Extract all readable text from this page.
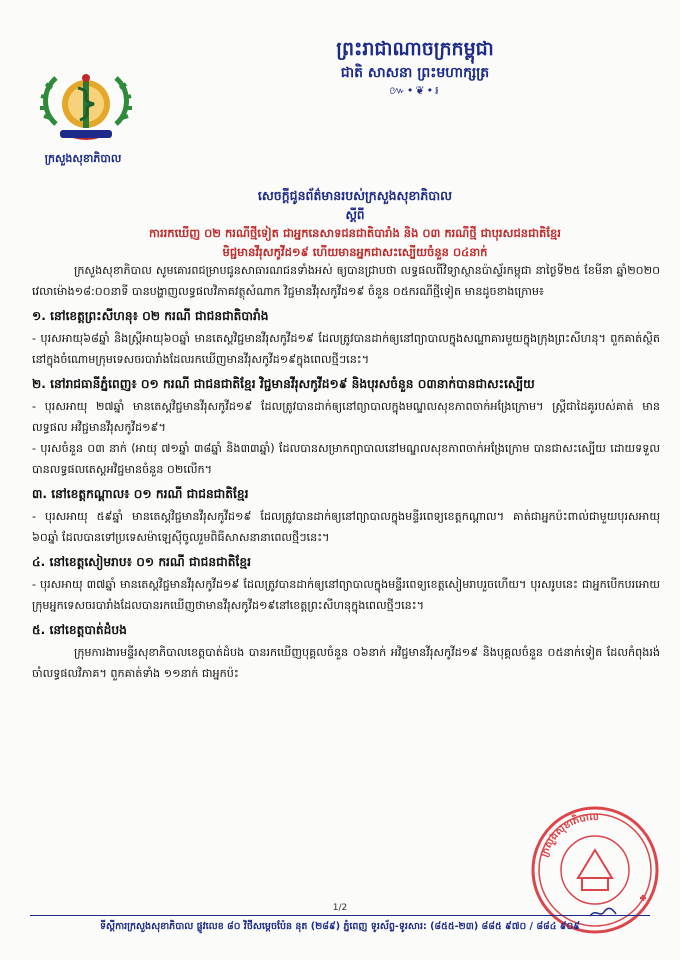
ក្រសួងសុខាភិបាល
ព្រះរាជាណាចក្រកម្ពុជា
ជាតិ សាសនា ព្រះមហាក្សត្រ
៚•❦•៛
សេចក្តីជូនព័ត៌មានរបស់ក្រសួងសុខាភិបាល
ស្តីពី
ការរកឃើញ ០២ ករណីថ្មីទៀត ជាអ្នកនេសាទជនជាតិបារាំង និង ០៣ ករណីថ្មី ជាបុរសជនជាតិខ្មែរ
មិជ្ជមានវីរុសកូវីដ១៩ ហើយមានអ្នកជាសះស្បើយចំនួន ០៤នាក់

ក្រសួងសុខាភិបាល សូមគោរពជម្រាបជូនសាធារណជនទាំងអស់ ឲ្យបានជ្រាបថា លទ្ធផលពីវិទ្យាស្ថានប៉ាស្ទ័រកម្ពុជា នាថ្ងៃទី២៥ ខែមីនា ឆ្នាំ២០២០ វេលាម៉ោង១៨:០០នាទី បានបង្ហាញលទ្ធផលវិភាគវត្ថុសំណាក វិជ្ជមានវីរុសកូវីដ១៩ ចំនួន ០៥ករណីថ្មីទៀត មានដូចខាងក្រោម៖

១. នៅខេត្តព្រះសីហនុ៖ ០២ ករណី ជាជនជាតិបារាំង

- បុរសអាយុ៦៨ឆ្នាំ និងស្ត្រីអាយុ៦០ឆ្នាំ មានតេស្តវិជ្ជមានវីរុសកូវីដ១៩ ដែលត្រូវបានដាក់ឲ្យនៅព្យាបាលក្នុងសណ្ឋាគារមួយក្នុងក្រុងព្រះសីហនុ។ ពួកគាត់ស្ថិតនៅក្នុងចំណោមក្រុមទេសចរបារាំងដែលរកឃើញមានវីរុសកូវីដ១៩ក្នុងពេលថ្មីៗនេះ។

២. នៅរាជធានីភ្នំពេញ៖ ០១ ករណី ជាជនជាតិខ្មែរ វិជ្ជមានវីរុសកូវីដ១៩ និងបុរសចំនួន ០៣នាក់បានជាសះស្បើយ

- បុរសអាយុ ២៧ឆ្នាំ មានតេស្តវិជ្ជមានវីរុសកូវីដ១៩ ដែលត្រូវបានដាក់ឲ្យនៅព្យាបាលក្នុងមណ្ឌលសុខភាពចាក់អង្រែក្រោម។ ស្ត្រីជាដៃគូរបស់គាត់ មានលទ្ធផល អវិជ្ជមានវីរុសកូវីដ១៩។

- បុរសចំនួន ០៣ នាក់ (អាយុ ៧១ឆ្នាំ ៣៨ឆ្នាំ និង៣៣ឆ្នាំ) ដែលបានសម្រាកព្យាបាលនៅមណ្ឌលសុខភាពចាក់អង្រែក្រោម បានជាសះស្បើយ ដោយទទួលបានលទ្ធផលតេស្តអវិជ្ជមានចំនួន ០២លើក។

៣. នៅខេត្តកណ្តាល៖ ០១ ករណី ជាជនជាតិខ្មែរ

- បុរសអាយុ ៥៩ឆ្នាំ មានតេស្តវិជ្ជមានវីរុសកូវីដ១៩ ដែលត្រូវបានដាក់ឲ្យនៅព្យាបាលក្នុងមន្ទីរពេទ្យខេត្តកណ្តាល។ គាត់ជាអ្នកប៉ះពាល់ជាមួយបុរសអាយុ ៦០ឆ្នាំ ដែលបានទៅប្រទេសម៉ាឡេស៊ីចូលរួមពិធីសាសនានាពេលថ្មីៗនេះ។

៤. នៅខេត្តសៀមរាប៖ ០១ ករណី ជាជនជាតិខ្មែរ

- បុរសអាយុ ៣៧ឆ្នាំ មានតេស្តវិជ្ជមានវីរុសកូវីដ១៩ ដែលត្រូវបានដាក់ឲ្យនៅព្យាបាលក្នុងមន្ទីរពេទ្យខេត្តសៀមរាបរួចហើយ។ បុរសរូបនេះ ជាអ្នកបើកបរអោយក្រុមអ្នកទេសចរបារាំងដែលបានរកឃើញថាមានវីរុសកូវីដ១៩នៅខេត្តព្រះសីហនុក្នុងពេលថ្មីៗនេះ។

៥. នៅខេត្តបាត់ដំបង

ក្រុមការងារមន្ទីរសុខាភិបាលខេត្តបាត់ដំបង បានរកឃើញបុគ្គលចំនួន ០៦នាក់ អវិជ្ជមានវីរុសកូវីដ១៩ និងបុគ្គលចំនួន ០៥នាក់ទៀត ដែលកំពុងរង់ចាំលទ្ធផលវិភាគ។ ពួកគាត់ទាំង ១១នាក់ ជាអ្នកប៉ះ

ក្រសួងសុខាភិបាល
1/2
ទីស្តីការក្រសួងសុខាភិបាល ផ្លូវលេខ ៨០ វិថីសម្តេចប៉ែន នុត (២៨៩) ភ្នំពេញ ទូរស័ព្ទ-ទូរសារ: (៨៥៥-២៣) ៨៨៥ ៩៧០ / ៨៨៤ ៩០៩
